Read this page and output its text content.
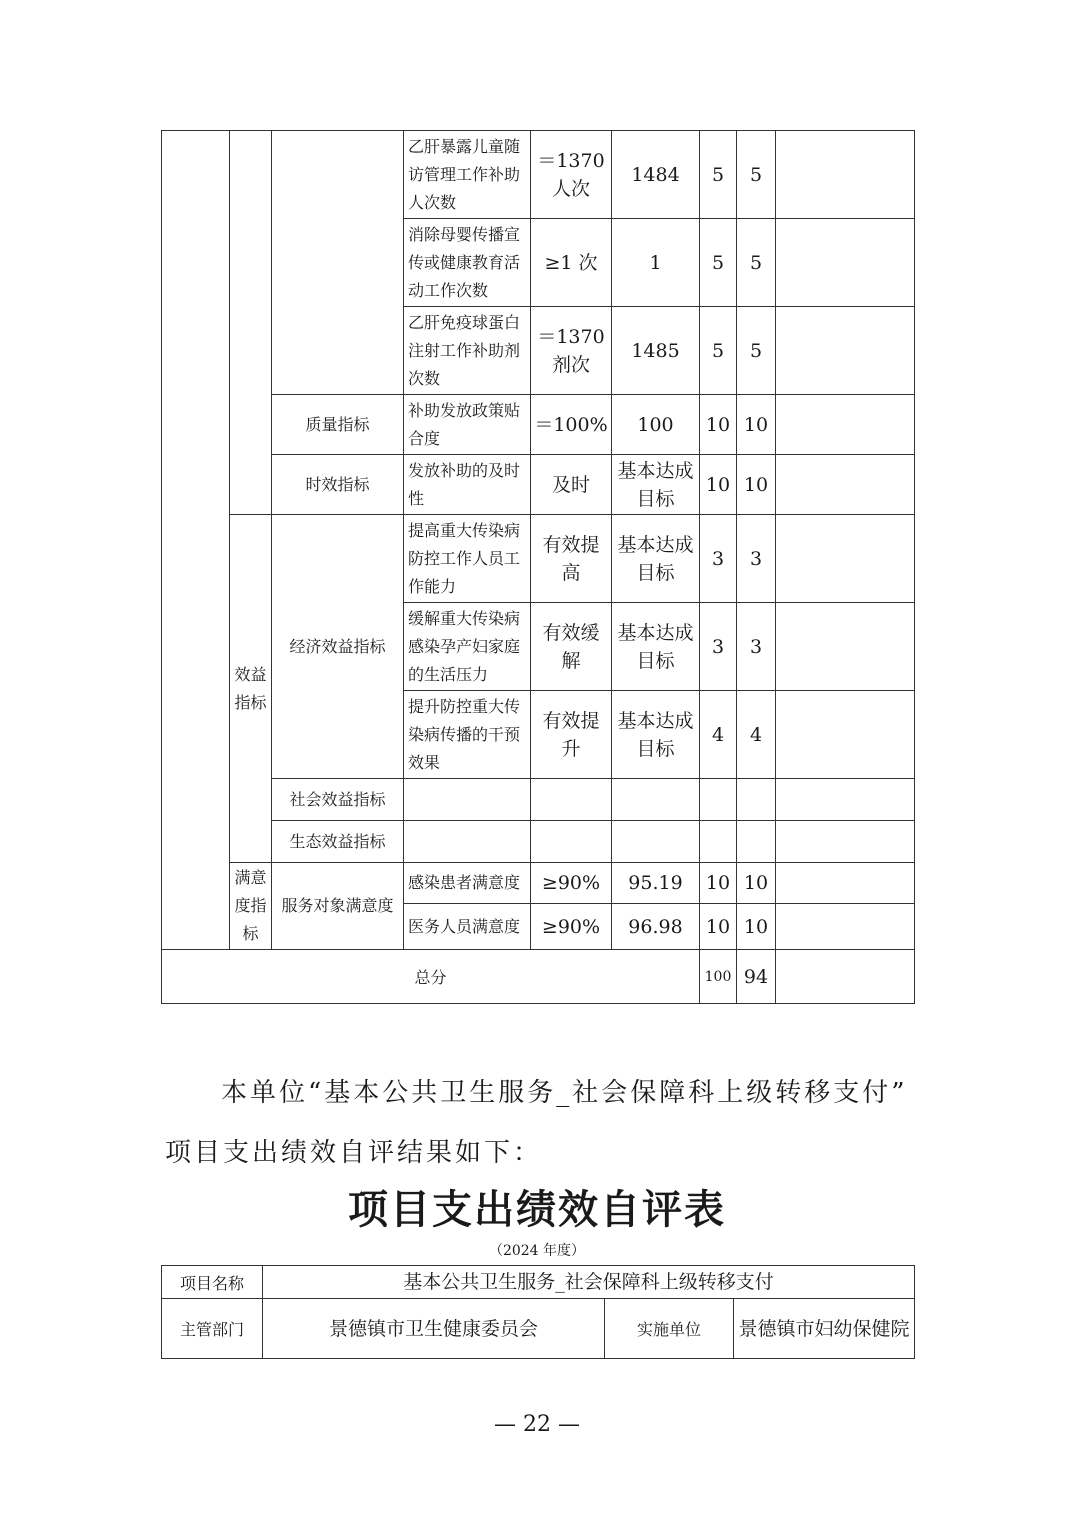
			乙肝暴露儿童随访管理工作补助人次数	＝1370人次	1484	5	5	
			消除母婴传播宣传或健康教育活动工作次数	≥1 次	1	5	5	
			乙肝免疫球蛋白注射工作补助剂次数	＝1370剂次	1485	5	5	
		质量指标	补助发放政策贴合度	＝100%	100	10	10	
		时效指标	发放补助的及时性	及时	基本达成目标	10	10	
	效益指标	经济效益指标	提高重大传染病防控工作人员工作能力	有效提高	基本达成目标	3	3	
			缓解重大传染病感染孕产妇家庭的生活压力	有效缓解	基本达成目标	3	3	
			提升防控重大传染病传播的干预效果	有效提升	基本达成目标	4	4	
		社会效益指标						
		生态效益指标						
	满意度指标	服务对象满意度	感染患者满意度	≥90%	95.19	10	10	
			医务人员满意度	≥90%	96.98	10	10	
总分						100	94	
本单位“基本公共卫生服务_社会保障科上级转移支付”
项目支出绩效自评结果如下：
项目支出绩效自评表
（2024 年度）
项目名称	基本公共卫生服务_社会保障科上级转移支付		
主管部门	景德镇市卫生健康委员会	实施单位	景德镇市妇幼保健院
— 22 —
